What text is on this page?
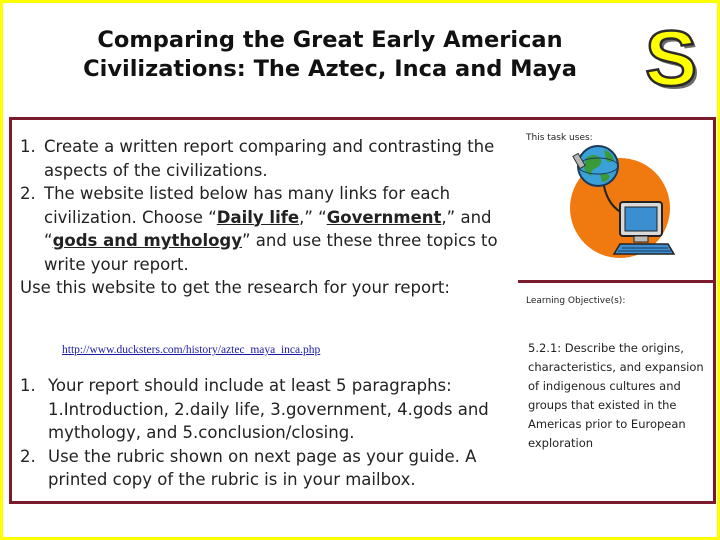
Comparing the Great Early American
Civilizations: The Aztec, Inca and Maya S
1. Create a written report comparing and contrasting the aspects of the civilizations.
2. The website listed below has many links for each civilization. Choose “Daily life,” “Government,” and “gods and mythology” and use these three topics to write your report.
Use this website to get the research for your report:
http://www.ducksters.com/history/aztec_maya_inca.php
1. Your report should include at least 5 paragraphs: 1.Introduction, 2.daily life, 3.government, 4.gods and mythology, and 5.conclusion/closing.
2. Use the rubric shown on next page as your guide. A printed copy of the rubric is in your mailbox.
This task uses:
Learning Objective(s):
5.2.1: Describe the origins, characteristics, and expansion of indigenous cultures and groups that existed in the Americas prior to European exploration
